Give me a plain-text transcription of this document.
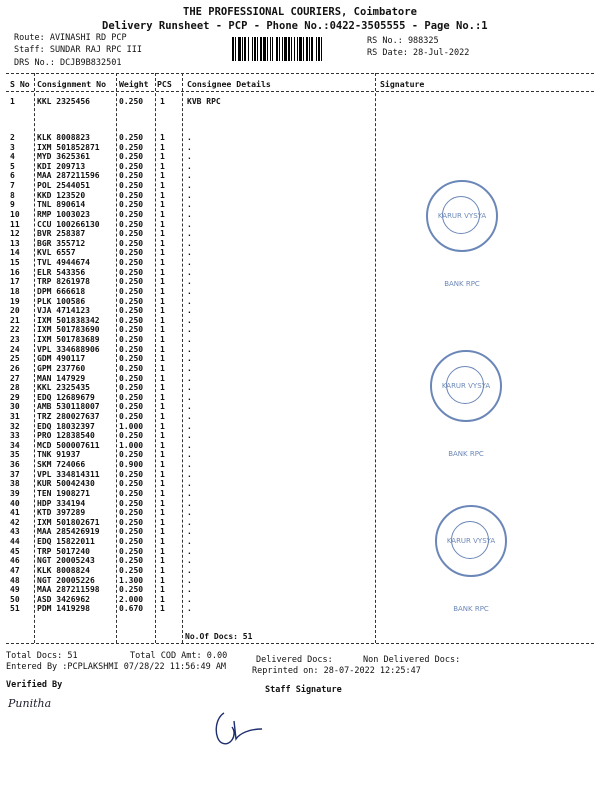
THE PROFESSIONAL COURIERS, Coimbatore
Delivery Runsheet - PCP - Phone No.:0422-3505555 - Page No.:1
Route: AVINASHI RD PCP
Staff: SUNDAR RAJ RPC III
DRS No.: DCJB9B832501
RS No.: 988325
RS Date: 28-Jul-2022
S No Consignment No Weight PCS Consignee Details	Signature
1	KKL 2325456	0.250 1	KVB RPC
2	KLK 8008823	0.250 1	.
3	IXM 501852871 0.250 1	.
4	MYD 3625361	0.250 1	.
5	KDI 209713	0.250 1	.
6	MAA 287211596 0.250 1	.
7	POL 2544051	0.250 1	.
8	KKD 123520	0.250 1	.
9	TNL 890614	0.250 1	.
10 RMP 1003023	0.250 1	.
11 CCU 100266130 0.250 1	.
12 BVR 258387	0.250 1	.
13 BGR 355712	0.250 1	.
14 KVL 6557	0.250 1	.
15 TVL 4944674	0.250 1	.
16 ELR 543356	0.250 1	.
17 TRP 8261978	0.250 1	.
18 DPM 666618	0.250 1	.
19 PLK 100586	0.250 1	.
20 VJA 4714123	0.250 1	.
21 IXM 501838342 0.250 1	.
22 IXM 501783690 0.250 1	.
23 IXM 501783689 0.250 1	.
24 VPL 334688906 0.250 1	.
25 GDM 490117	0.250 1	.
26 GPM 237760	0.250 1	.
27 MAN 147929	0.250 1	.
28 KKL 2325435	0.250 1	.
29 EDQ 12689679	0.250 1	.
30 AMB 530118007 0.250 1	.
31 TRZ 280027637 0.250 1	.
32 EDQ 18032397	1.000 1	.
33 PRO 12838540	0.250 1	.
34 MCD 500007611 1.000 1	.
35 TNK 91937	0.250 1	.
36 SKM 724066	0.900 1	.
37 VPL 334814311 0.250 1	.
38 KUR 50042430	0.250 1	.
39 TEN 1908271	0.250 1	.
40 HDP 334194	0.250 1	.
41 KTD 397289	0.250 1	.
42 IXM 501802671 0.250 1	.
43 MAA 285426919 0.250 1	.
44 EDQ 15822011	0.250 1	.
45 TRP 5017240	0.250 1	.
46 NGT 20005243	0.250 1	.
47 KLK 8008824	0.250 1	.
48 NGT 20005226	1.300 1	.
49 MAA 287211598 0.250 1	.
50 ASD 3426962	2.000 1	.
51 PDM 1419298	0.670 1	.
No.Of Docs: 51
KARUR VYSYA BANK RPC
KARUR VYSYA BANK RPC
KARUR VYSYA BANK RPC
Total Docs: 51	Total COD Amt: 0.00	Delivered Docs:	Non Delivered Docs:
Entered By :PCPLAKSHMI 07/28/22 11:56:49 AM	Reprinted on: 28-07-2022 12:25:47
Verified By	Staff Signature
Punitha
